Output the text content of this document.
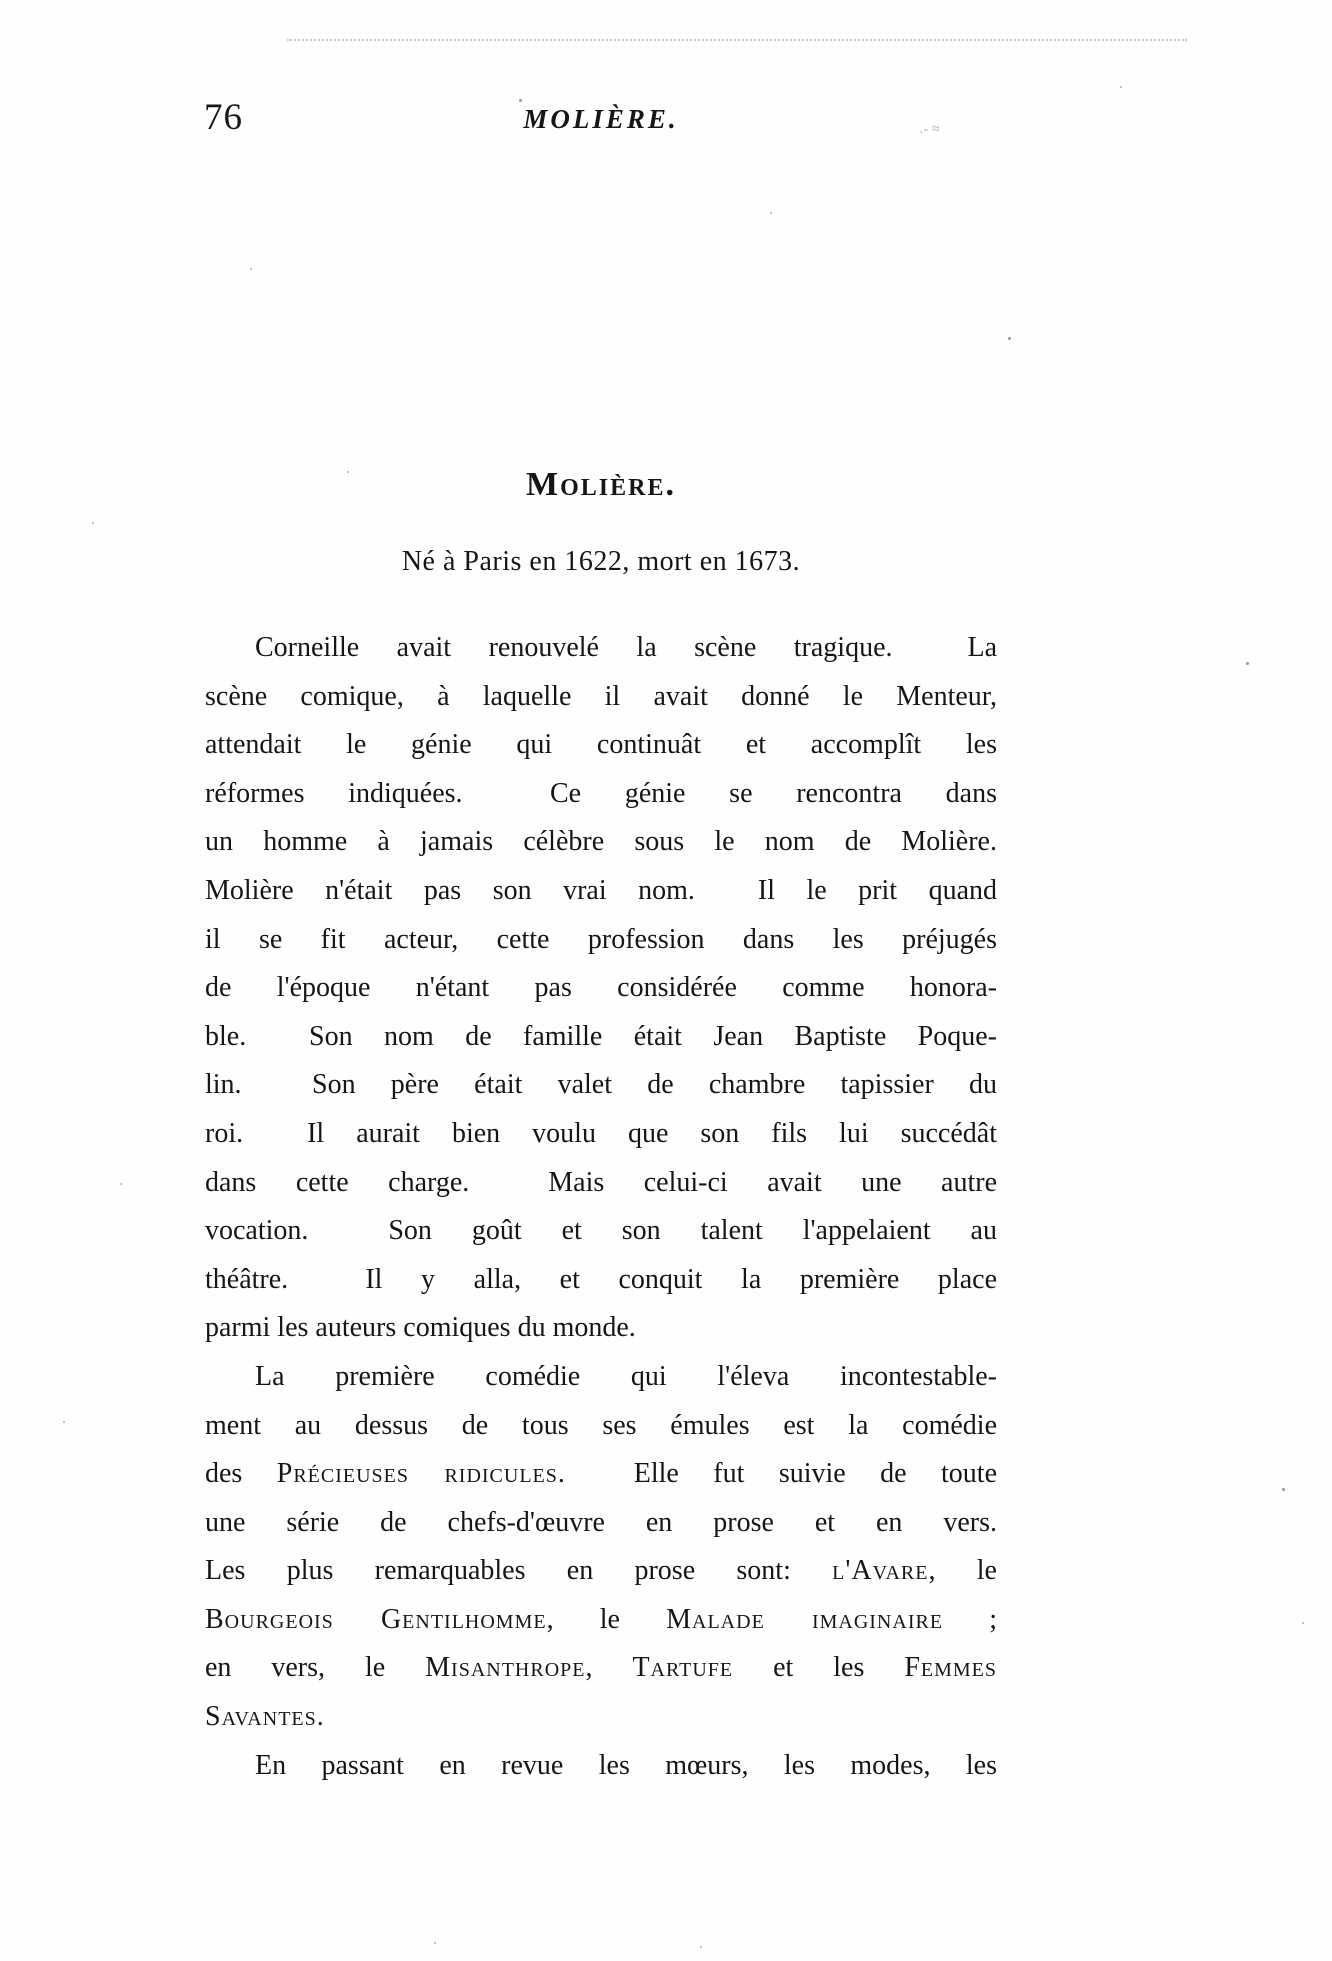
76	MOLIÈRE.	.- ≈
Molière.
Né à Paris en 1622, mort en 1673.
Corneille avait renouvelé la scène tragique.  La
scène comique, à laquelle il avait donné le Menteur,
attendait le génie qui continuât et accomplît les
réformes indiquées.  Ce génie se rencontra dans
un homme à jamais célèbre sous le nom de Molière.
Molière n'était pas son vrai nom.  Il le prit quand
il se fit acteur, cette profession dans les préjugés
de l'époque n'étant pas considérée comme honora-
ble.  Son nom de famille était Jean Baptiste Poque-
lin.  Son père était valet de chambre tapissier du
roi.  Il aurait bien voulu que son fils lui succédât
dans cette charge.  Mais celui-ci avait une autre
vocation.  Son goût et son talent l'appelaient au
théâtre.  Il y alla, et conquit la première place
parmi les auteurs comiques du monde.
La première comédie qui l'éleva incontestable-
ment au dessus de tous ses émules est la comédie
des Précieuses ridicules.  Elle fut suivie de toute
une série de chefs-d'œuvre en prose et en vers.
Les plus remarquables en prose sont: l'Avare, le
Bourgeois Gentilhomme, le Malade imaginaire ;
en vers, le Misanthrope, Tartufe et les Femmes
Savantes.
En passant en revue les mœurs, les modes, les
